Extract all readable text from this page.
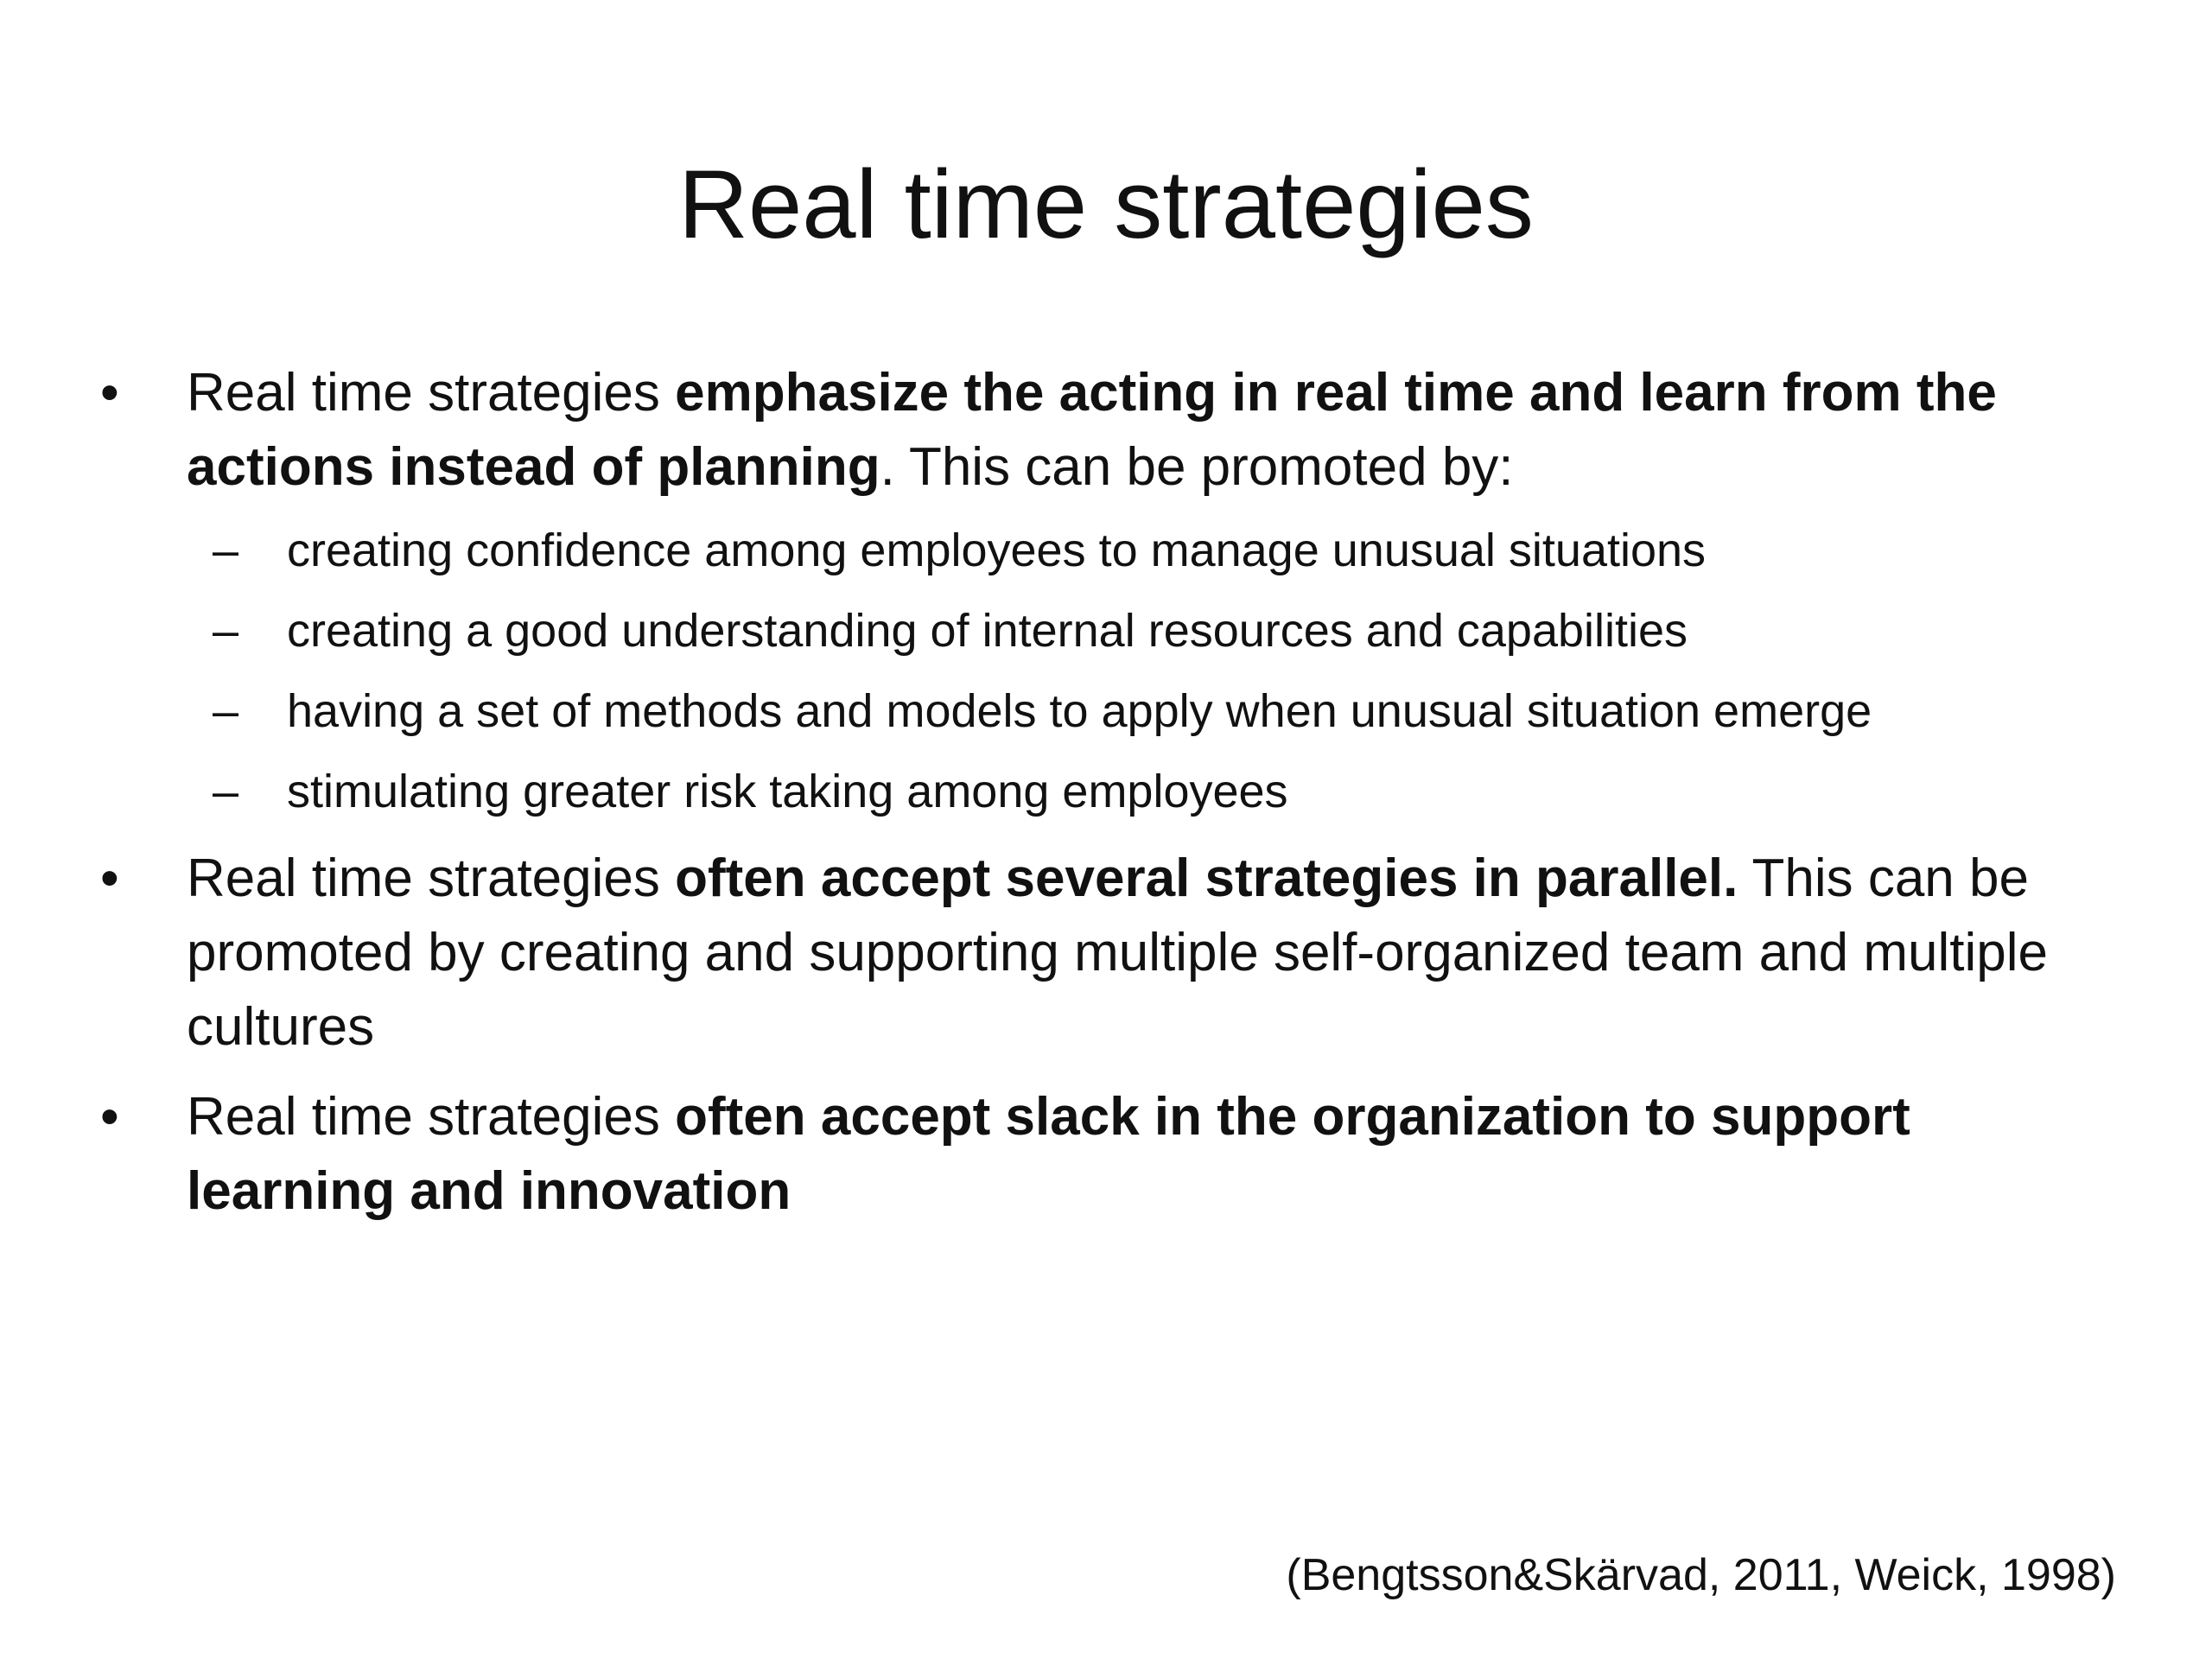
Real time strategies
• Real time strategies emphasize the acting in real time and learn from the actions instead of planning. This can be promoted by:
– creating confidence among employees to manage unusual situations
– creating a good understanding of internal resources and capabilities
– having a set of methods and models to apply when unusual situation emerge
– stimulating greater risk taking among employees
• Real time strategies often accept several strategies in parallel. This can be promoted by creating and supporting multiple self-organized team and multiple cultures
• Real time strategies often accept slack in the organization to support learning and innovation
(Bengtsson&Skärvad, 2011, Weick, 1998)
